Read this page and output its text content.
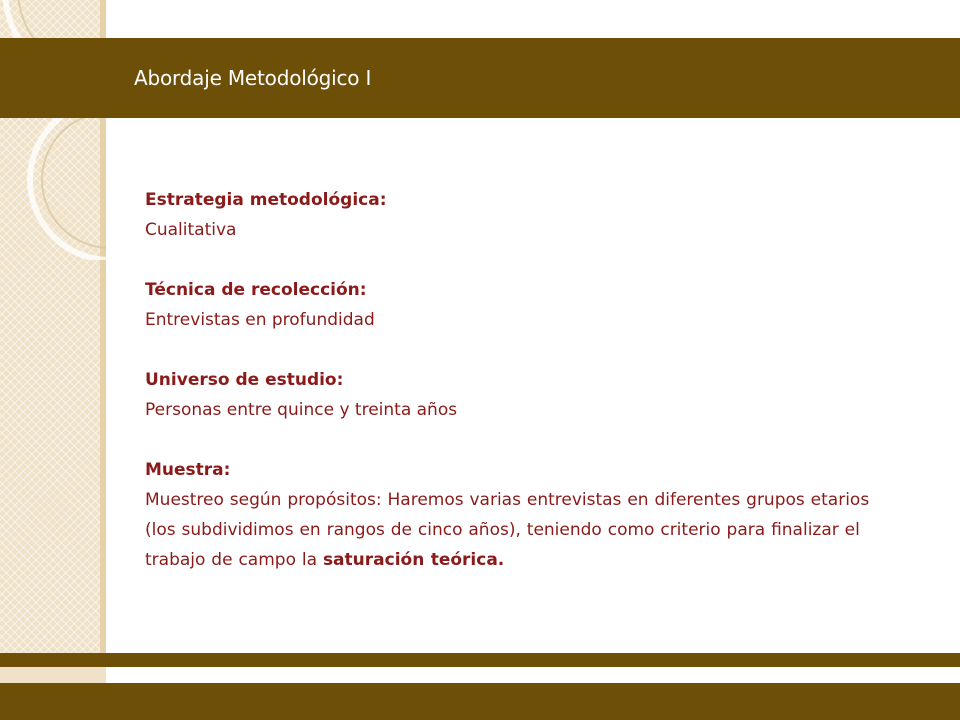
Abordaje Metodológico I
Estrategia metodológica:
Cualitativa
Técnica de recolección:
Entrevistas en profundidad
Universo de estudio:
Personas entre quince y treinta años
Muestra:
Muestreo según propósitos: Haremos varias entrevistas en diferentes grupos etarios (los subdividimos en rangos de cinco años), teniendo como criterio para finalizar el trabajo de campo la saturación teórica.
